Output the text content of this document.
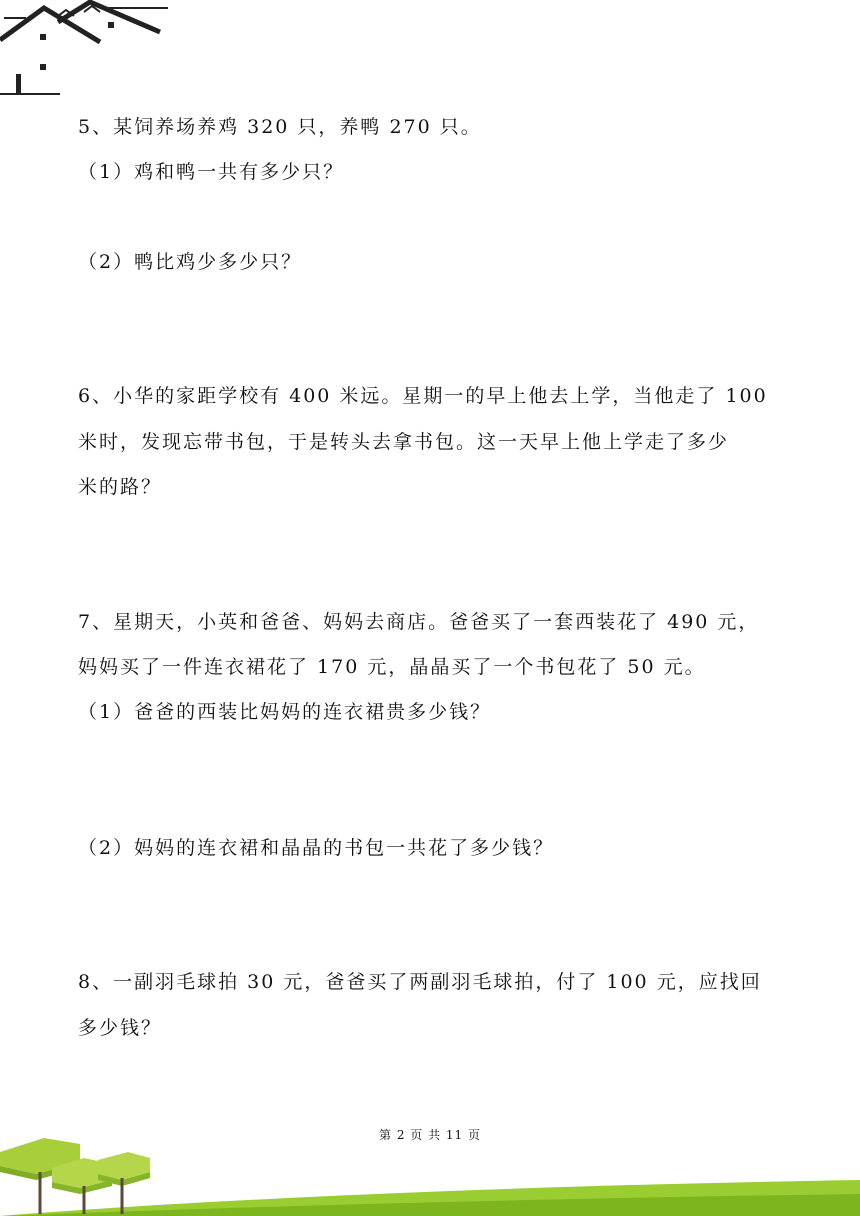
5、某饲养场养鸡 320 只，养鸭 270 只。
（1）鸡和鸭一共有多少只？
（2）鸭比鸡少多少只？
6、小华的家距学校有 400 米远。星期一的早上他去上学，当他走了 100
米时，发现忘带书包，于是转头去拿书包。这一天早上他上学走了多少
米的路？
7、星期天，小英和爸爸、妈妈去商店。爸爸买了一套西装花了 490 元，
妈妈买了一件连衣裙花了 170 元，晶晶买了一个书包花了 50 元。
（1）爸爸的西装比妈妈的连衣裙贵多少钱？
（2）妈妈的连衣裙和晶晶的书包一共花了多少钱？
8、一副羽毛球拍 30 元，爸爸买了两副羽毛球拍，付了 100 元，应找回
多少钱？
第 2 页 共 11 页
